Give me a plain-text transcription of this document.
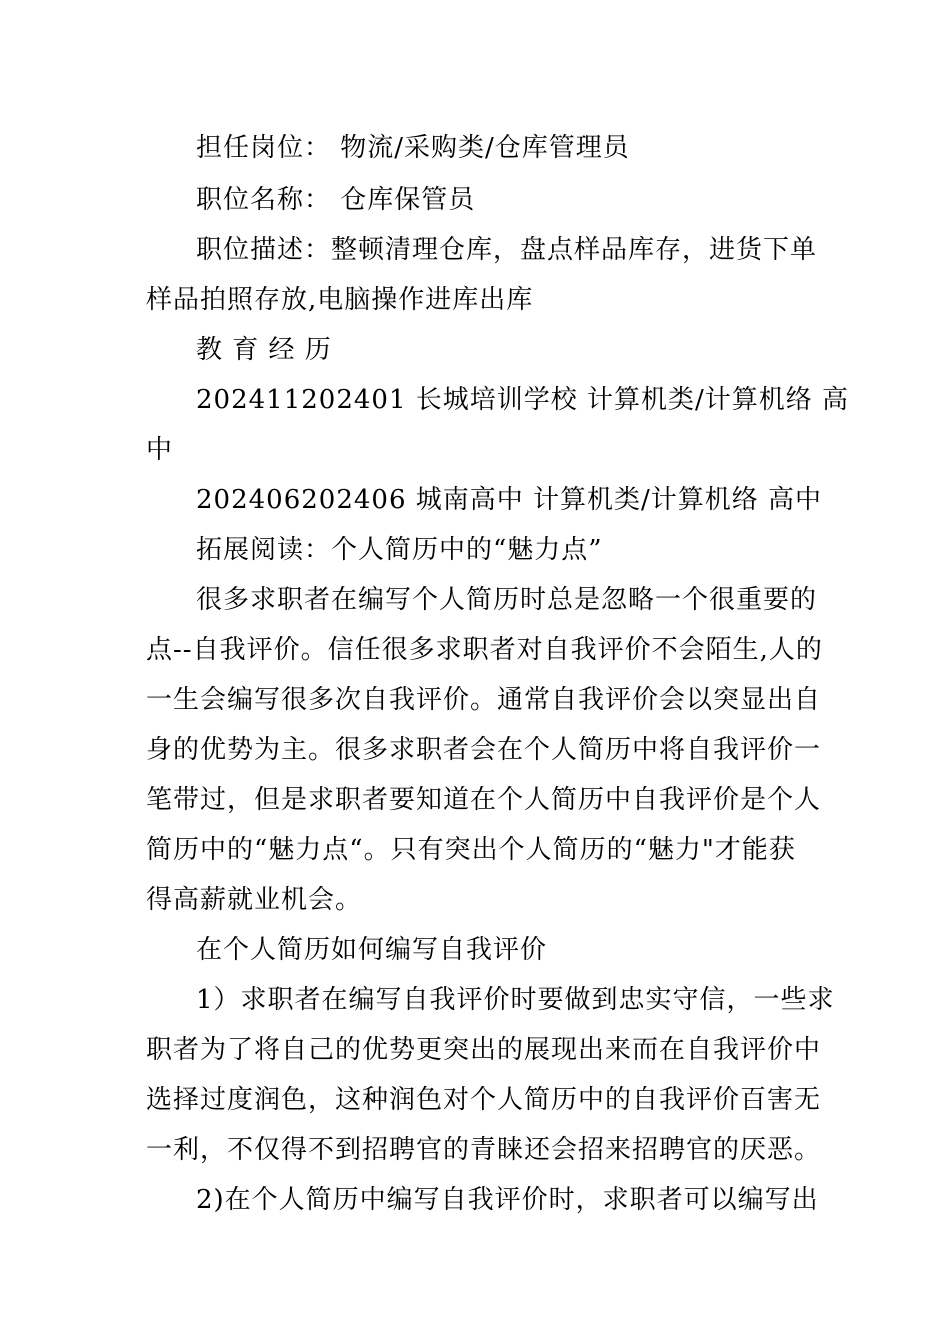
担任岗位： 物流/采购类/仓库管理员
职位名称： 仓库保管员
职位描述：整顿清理仓库，盘点样品库存，进货下单
样品拍照存放,电脑操作进库出库
教 育 经 历
202411202401 长城培训学校 计算机类/计算机络 高
中
202406202406 城南高中 计算机类/计算机络 高中
拓展阅读：个人简历中的“魅力点”
很多求职者在编写个人简历时总是忽略一个很重要的
点--自我评价。信任很多求职者对自我评价不会陌生,人的
一生会编写很多次自我评价。通常自我评价会以突显出自
身的优势为主。很多求职者会在个人简历中将自我评价一
笔带过，但是求职者要知道在个人简历中自我评价是个人
简历中的“魅力点“。只有突出个人简历的“魅力"才能获
得高薪就业机会。
在个人简历如何编写自我评价
1）求职者在编写自我评价时要做到忠实守信，一些求
职者为了将自己的优势更突出的展现出来而在自我评价中
选择过度润色，这种润色对个人简历中的自我评价百害无
一利，不仅得不到招聘官的青睐还会招来招聘官的厌恶。
2)在个人简历中编写自我评价时，求职者可以编写出
